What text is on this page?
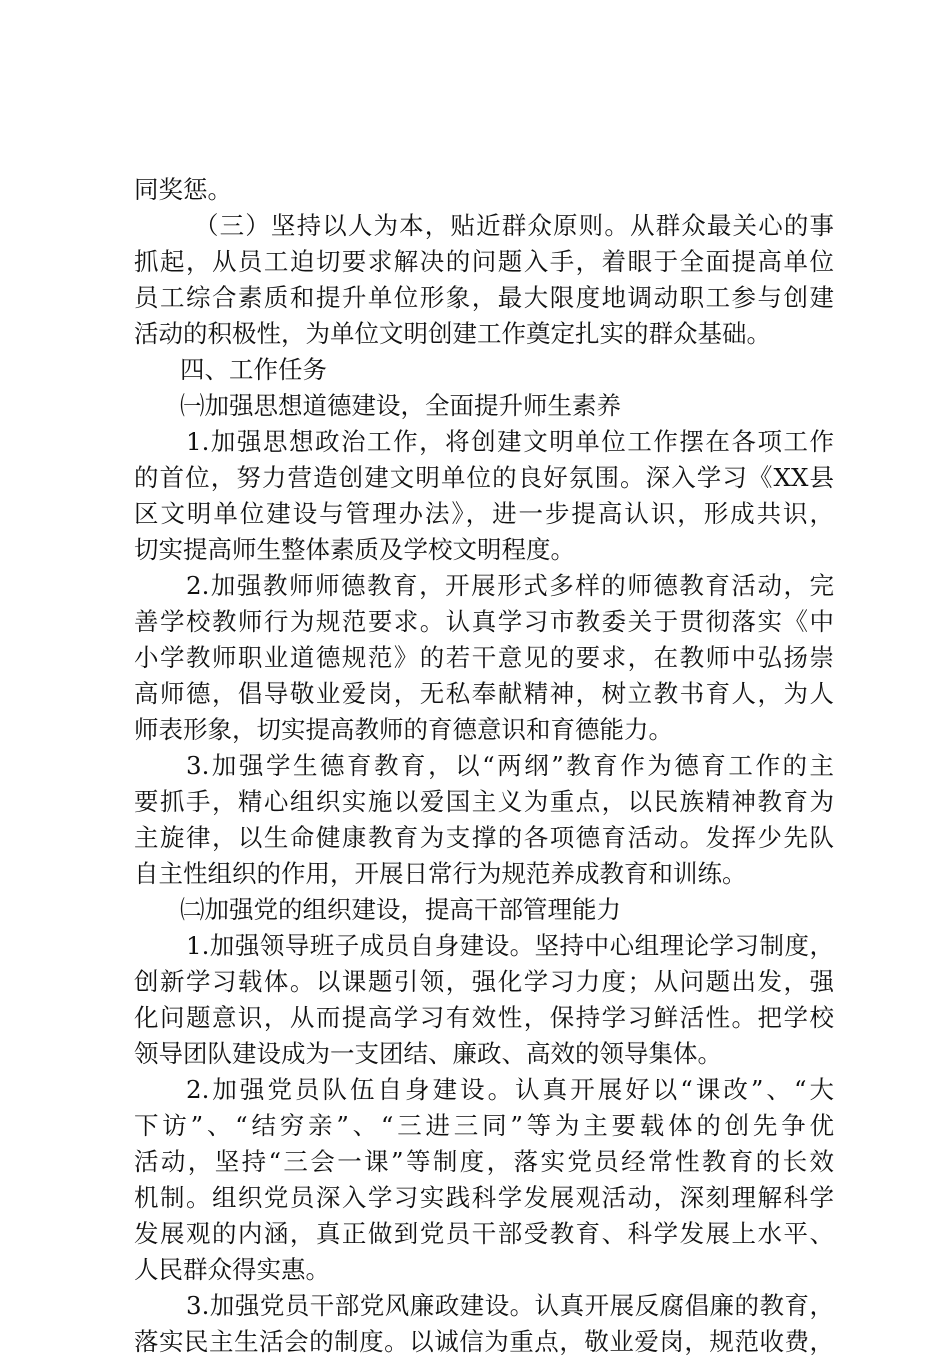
同奖惩。
（三）坚持以人为本，贴近群众原则。从群众最关心的事
抓起，从员工迫切要求解决的问题入手，着眼于全面提高单位
员工综合素质和提升单位形象，最大限度地调动职工参与创建
活动的积极性，为单位文明创建工作奠定扎实的群众基础。
四、工作任务
㈠加强思想道德建设，全面提升师生素养
1.加强思想政治工作，将创建文明单位工作摆在各项工作
的首位，努力营造创建文明单位的良好氛围。深入学习《XX县
区文明单位建设与管理办法》，进一步提高认识，形成共识，
切实提高师生整体素质及学校文明程度。
2.加强教师师德教育，开展形式多样的师德教育活动，完
善学校教师行为规范要求。认真学习市教委关于贯彻落实《中
小学教师职业道德规范》的若干意见的要求，在教师中弘扬崇
高师德，倡导敬业爱岗，无私奉献精神，树立教书育人，为人
师表形象，切实提高教师的育德意识和育德能力。
3.加强学生德育教育，以“两纲”教育作为德育工作的主
要抓手，精心组织实施以爱国主义为重点，以民族精神教育为
主旋律，以生命健康教育为支撑的各项德育活动。发挥少先队
自主性组织的作用，开展日常行为规范养成教育和训练。
㈡加强党的组织建设，提高干部管理能力
1.加强领导班子成员自身建设。坚持中心组理论学习制度，
创新学习载体。以课题引领，强化学习力度；从问题出发，强
化问题意识，从而提高学习有效性，保持学习鲜活性。把学校
领导团队建设成为一支团结、廉政、高效的领导集体。
2.加强党员队伍自身建设。认真开展好以“课改”、“大
下访”、“结穷亲”、“三进三同”等为主要载体的创先争优
活动，坚持“三会一课”等制度，落实党员经常性教育的长效
机制。组织党员深入学习实践科学发展观活动，深刻理解科学
发展观的内涵，真正做到党员干部受教育、科学发展上水平、
人民群众得实惠。
3.加强党员干部党风廉政建设。认真开展反腐倡廉的教育，
落实民主生活会的制度。以诚信为重点，敬业爱岗，规范收费，
